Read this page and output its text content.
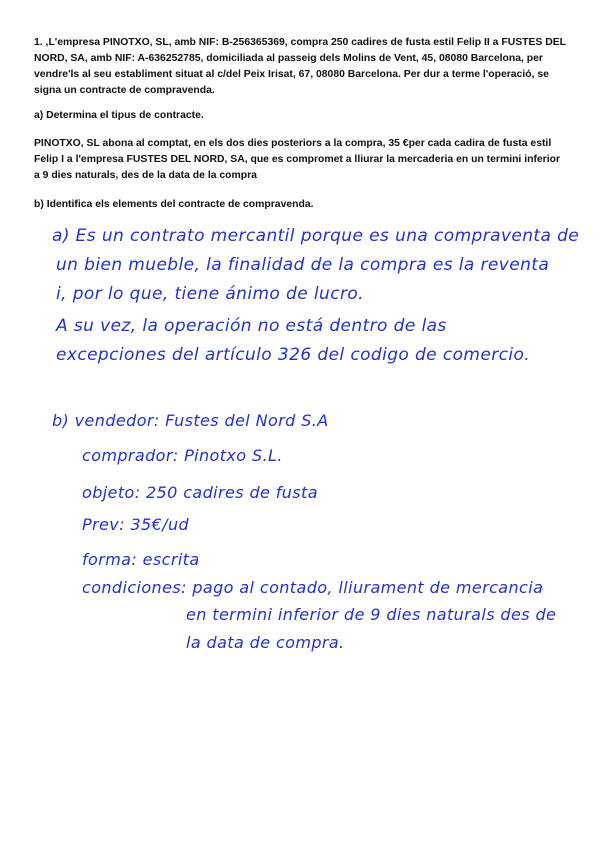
1. ,L'empresa PINOTXO, SL, amb NIF: B-256365369, compra 250 cadires de fusta estil Felip II a FUSTES DEL NORD, SA, amb NIF: A-636252785, domiciliada al passeig dels Molins de Vent, 45, 08080 Barcelona, per vendre'ls al seu establiment situat al c/del Peix Irisat, 67, 08080 Barcelona. Per dur a terme l'operació, se signa un contracte de compravenda.

a) Determina el tipus de contracte.

PINOTXO, SL abona al comptat, en els dos dies posteriors a la compra, 35 €per cada cadira de fusta estil Felip I a l'empresa FUSTES DEL NORD, SA, que es compromet a lliurar la mercaderia en un termini inferior a 9 dies naturals, des de la data de la compra

b) Identifica els elements del contracte de compravenda.

a) Es un contrato mercantil porque es una compraventa de

un bien mueble, la finalidad de la compra es la reventa

i, por lo que, tiene ánimo de lucro.

A su vez, la operación no está dentro de las

excepciones del artículo 326 del codigo de comercio.

b) vendedor: Fustes del Nord S.A

comprador: Pinotxo S.L.

objeto: 250 cadires de fusta

Prev: 35€/ud

forma: escrita

condiciones: pago al contado, lliurament de mercancia

en termini inferior de 9 dies naturals des de

la data de compra.
